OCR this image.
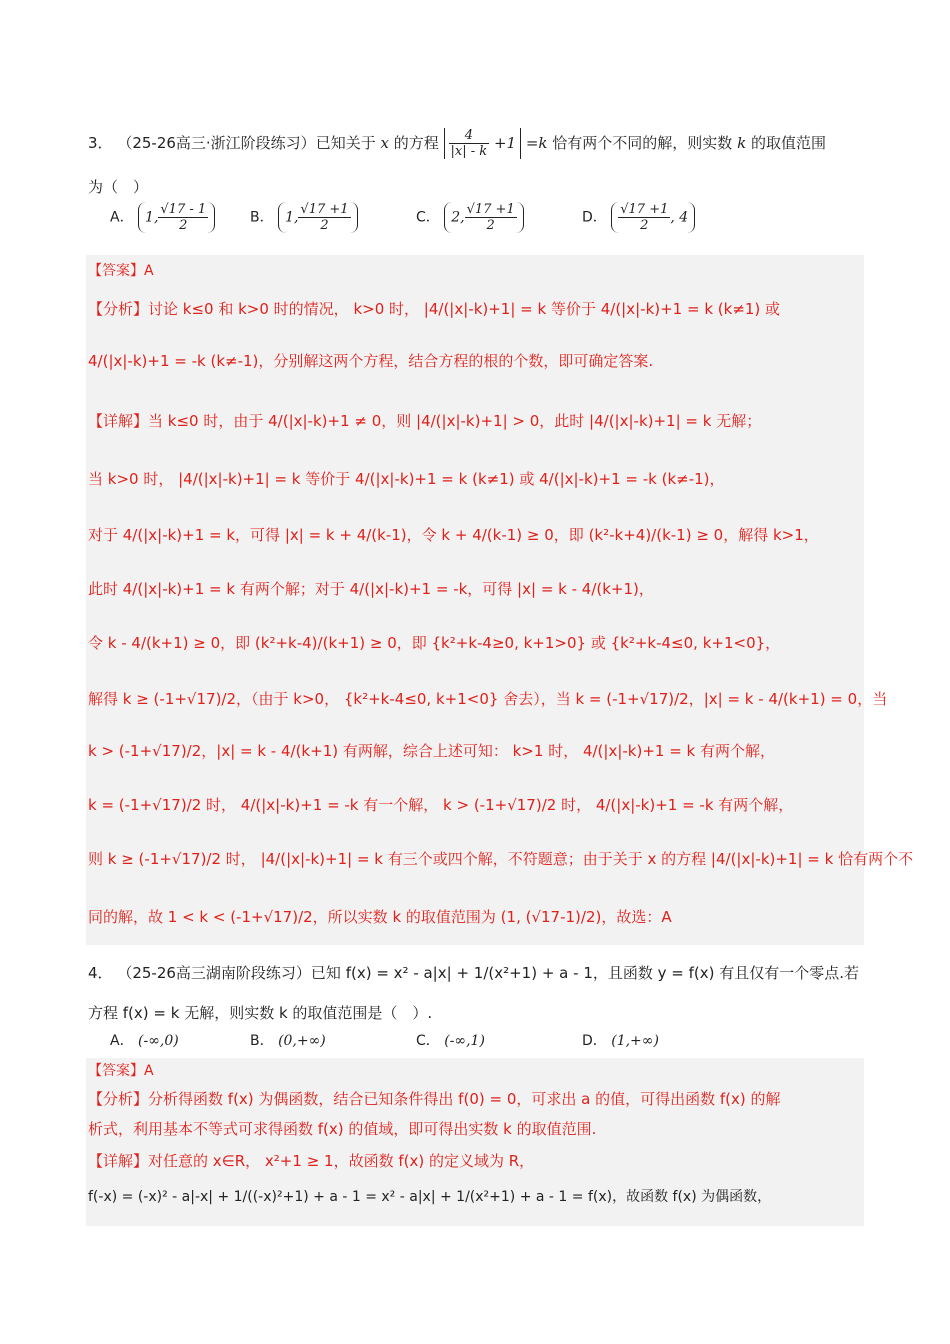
3． （25-26高三·浙江阶段练习）已知关于 x 的方程 $\frac{4}{|x| - k} +1 =k$ 恰有两个不同的解，则实数 k 的取值范围
为（　）
A． 1, $\frac{√17 - 1}{2}$	B． 1, $\frac{√17 +1}{2}$	C． 2, $\frac{√17 +1}{2}$	D． $\frac{√17 +1}{2}$ , 4
【答案】A
【分析】讨论 k≤0 和 k>0 时的情况， k>0 时， |4/(|x|-k)+1| = k 等价于 4/(|x|-k)+1 = k (k≠1) 或
4/(|x|-k)+1 = -k (k≠-1)，分别解这两个方程，结合方程的根的个数，即可确定答案.
【详解】当 k≤0 时，由于 4/(|x|-k)+1 ≠ 0，则 |4/(|x|-k)+1| > 0，此时 |4/(|x|-k)+1| = k 无解；
当 k>0 时， |4/(|x|-k)+1| = k 等价于 4/(|x|-k)+1 = k (k≠1) 或 4/(|x|-k)+1 = -k (k≠-1)，
对于 4/(|x|-k)+1 = k，可得 |x| = k + 4/(k-1)，令 k + 4/(k-1) ≥ 0，即 (k²-k+4)/(k-1) ≥ 0，解得 k>1，
此时 4/(|x|-k)+1 = k 有两个解；对于 4/(|x|-k)+1 = -k，可得 |x| = k - 4/(k+1)，
令 k - 4/(k+1) ≥ 0，即 (k²+k-4)/(k+1) ≥ 0，即 {k²+k-4≥0, k+1>0} 或 {k²+k-4≤0, k+1<0}，
解得 k ≥ (-1+√17)/2，（由于 k>0， {k²+k-4≤0, k+1<0} 舍去），当 k = (-1+√17)/2，|x| = k - 4/(k+1) = 0，当
k > (-1+√17)/2，|x| = k - 4/(k+1) 有两解，综合上述可知： k>1 时， 4/(|x|-k)+1 = k 有两个解，
k = (-1+√17)/2 时， 4/(|x|-k)+1 = -k 有一个解， k > (-1+√17)/2 时， 4/(|x|-k)+1 = -k 有两个解，
则 k ≥ (-1+√17)/2 时， |4/(|x|-k)+1| = k 有三个或四个解，不符题意；由于关于 x 的方程 |4/(|x|-k)+1| = k 恰有两个不
同的解，故 1 < k < (-1+√17)/2，所以实数 k 的取值范围为 (1, (√17-1)/2)，故选：A
4． （25-26高三湖南阶段练习）已知 f(x) = x² - a|x| + 1/(x²+1) + a - 1，且函数 y = f(x) 有且仅有一个零点.若
方程 f(x) = k 无解，则实数 k 的取值范围是（　）.
A． (-∞,0)	B． (0,+∞)	C． (-∞,1)	D． (1,+∞)
【答案】A
【分析】分析得函数 f(x) 为偶函数，结合已知条件得出 f(0) = 0，可求出 a 的值，可得出函数 f(x) 的解
析式，利用基本不等式可求得函数 f(x) 的值域，即可得出实数 k 的取值范围.
【详解】对任意的 x∈R， x²+1 ≥ 1，故函数 f(x) 的定义域为 R，
f(-x) = (-x)² - a|-x| + 1/((-x)²+1) + a - 1 = x² - a|x| + 1/(x²+1) + a - 1 = f(x)，故函数 f(x) 为偶函数，
